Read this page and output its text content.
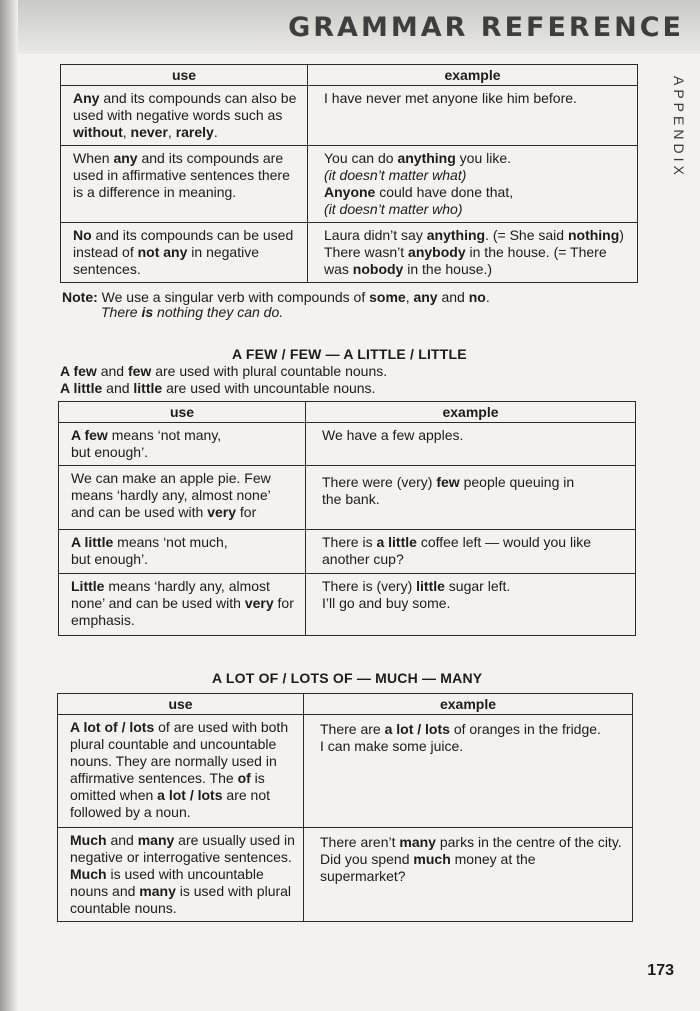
GRAMMAR REFERENCE
APPENDIX
use	example

Any and its compounds can also be used with negative words such as without, never, rarely.	I have never met anyone like him before.

When any and its compounds are used in affirmative sentences there is a difference in meaning.	You can do anything you like.
(it doesn’t matter what)
Anyone could have done that,
(it doesn’t matter who)

No and its compounds can be used instead of not any in negative sentences.	Laura didn’t say anything. (= She said nothing)
There wasn’t anybody in the house. (= There was nobody in the house.)
Note: We use a singular verb with compounds of some, any and no.
There is nothing they can do.
A FEW / FEW — A LITTLE / LITTLE
A few and few are used with plural countable nouns.
A little and little are used with uncountable nouns.
use	example

A few means ‘not many,
but enough’.	We have a few apples.

We can make an apple pie. Few means ‘hardly any, almost none’ and can be used with very for	There were (very) few people queuing in the bank.

A little means ‘not much,
but enough’.	There is a little coffee left — would you like another cup?

Little means ‘hardly any, almost none’ and can be used with very for emphasis.	There is (very) little sugar left.
I’ll go and buy some.
A LOT OF / LOTS OF — MUCH — MANY
use	example

A lot of / lots of are used with both plural countable and uncountable nouns. They are normally used in affirmative sentences. The of is omitted when a lot / lots are not followed by a noun.	There are a lot / lots of oranges in the fridge. I can make some juice.

Much and many are usually used in negative or interrogative sentences. Much is used with uncountable nouns and many is used with plural countable nouns.	There aren’t many parks in the centre of the city. Did you spend much money at the supermarket?
173
